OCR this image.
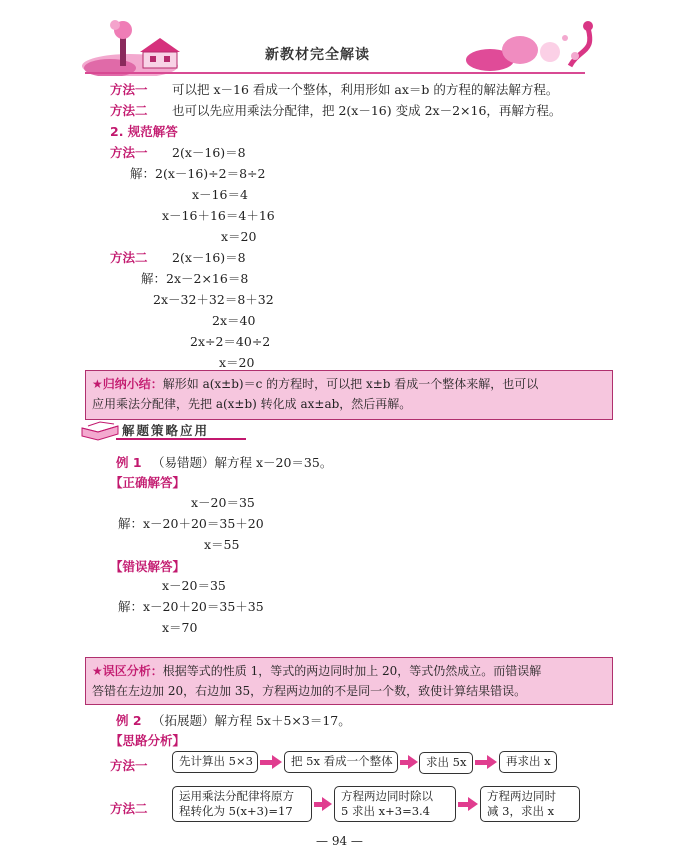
新教材完全解读
方法一 可以把 x－16 看成一个整体，利用形如 ax＝b 的方程的解法解方程。
方法二 也可以先应用乘法分配律，把 2(x－16) 变成 2x－2×16，再解方程。
2. 规范解答
方法一 2(x－16)＝8
解：2(x－16)÷2＝8÷2
x－16＝4
x－16＋16＝4＋16
x＝20
方法二 2(x－16)＝8
解：2x－2×16＝8
2x－32＋32＝8＋32
2x＝40
2x÷2＝40÷2
x＝20
★归纳小结：解形如 a(x±b)＝c 的方程时，可以把 x±b 看成一个整体来解，也可以
应用乘法分配律，先把 a(x±b) 转化成 ax±ab，然后再解。
解题策略应用
例 1 （易错题）解方程 x－20＝35。
【正确解答】
x－20＝35
解：x－20＋20＝35＋20
x＝55
【错误解答】
x－20＝35
解：x－20＋20＝35＋35
x＝70
★误区分析：根据等式的性质 1，等式的两边同时加上 20，等式仍然成立。而错误解
答错在左边加 20，右边加 35，方程两边加的不是同一个数，致使计算结果错误。
例 2 （拓展题）解方程 5x＋5×3＝17。
【思路分析】
方法一	先计算出 5×3	把 5x 看成一个整体	求出 5x	再求出 x
方法二
运用乘法分配律将原方
程转化为 5(x+3)=17
方程两边同时除以
5 求出 x+3=3.4
方程两边同时
减 3，求出 x
— 94 —
